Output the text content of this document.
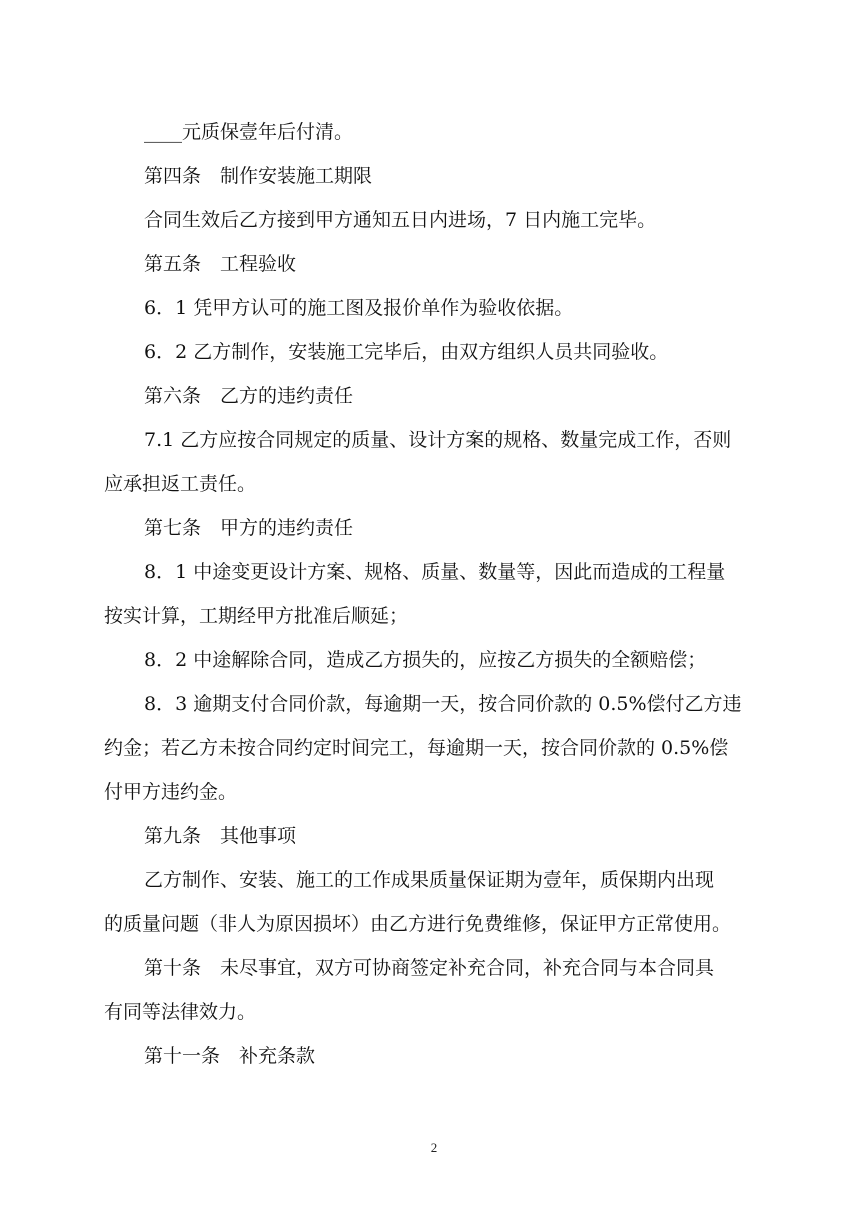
____元质保壹年后付清。
第四条　制作安装施工期限
合同生效后乙方接到甲方通知五日内进场，7 日内施工完毕。
第五条　工程验收
6．1 凭甲方认可的施工图及报价单作为验收依据。
6．2 乙方制作，安装施工完毕后，由双方组织人员共同验收。
第六条　乙方的违约责任
7.1 乙方应按合同规定的质量、设计方案的规格、数量完成工作，否则
应承担返工责任。
第七条　甲方的违约责任
8．1 中途变更设计方案、规格、质量、数量等，因此而造成的工程量
按实计算，工期经甲方批准后顺延；
8．2 中途解除合同，造成乙方损失的，应按乙方损失的全额赔偿；
8．3 逾期支付合同价款，每逾期一天，按合同价款的 0.5%偿付乙方违
约金；若乙方未按合同约定时间完工，每逾期一天，按合同价款的 0.5%偿
付甲方违约金。
第九条　其他事项
乙方制作、安装、施工的工作成果质量保证期为壹年，质保期内出现
的质量问题（非人为原因损坏）由乙方进行免费维修，保证甲方正常使用。
第十条　未尽事宜，双方可协商签定补充合同，补充合同与本合同具
有同等法律效力。
第十一条　补充条款
2
